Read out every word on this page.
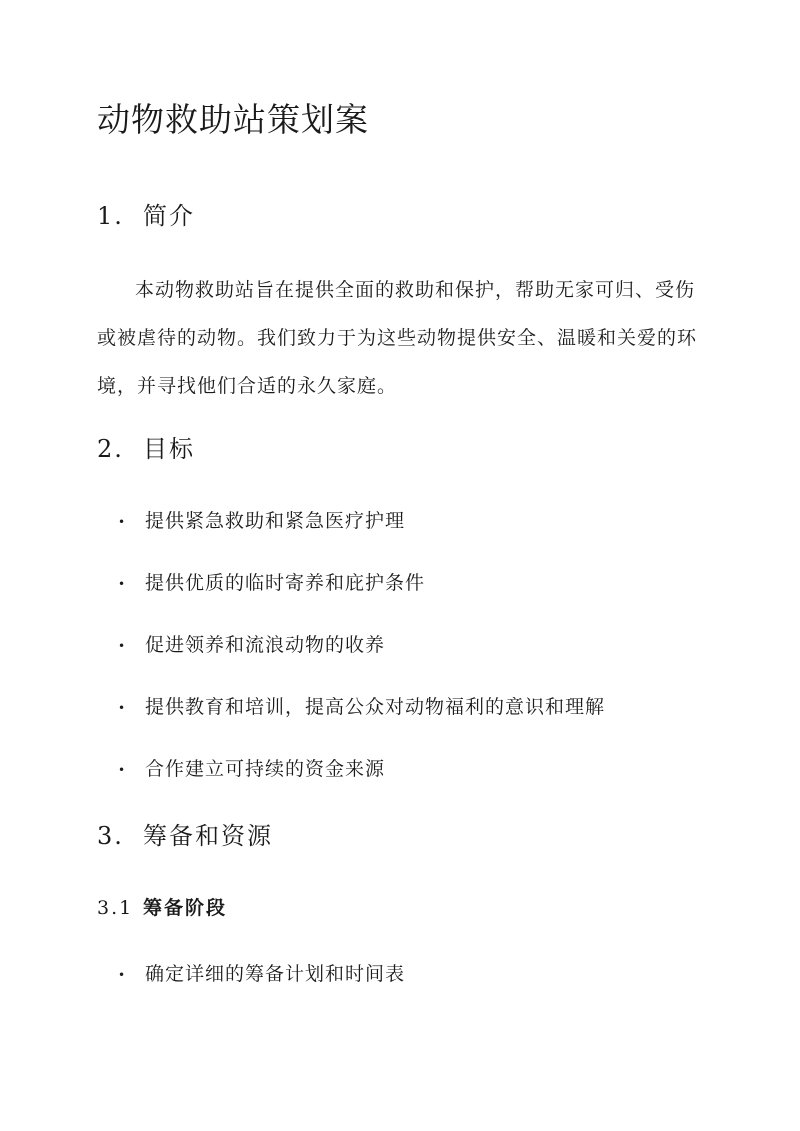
动物救助站策划案
1. 简介

本动物救助站旨在提供全面的救助和保护，帮助无家可归、受伤或被虐待的动物。我们致力于为这些动物提供安全、温暖和关爱的环境，并寻找他们合适的永久家庭。

2. 目标

• 提供紧急救助和紧急医疗护理

• 提供优质的临时寄养和庇护条件

• 促进领养和流浪动物的收养

• 提供教育和培训，提高公众对动物福利的意识和理解

• 合作建立可持续的资金来源

3. 筹备和资源
3.1 筹备阶段

• 确定详细的筹备计划和时间表
